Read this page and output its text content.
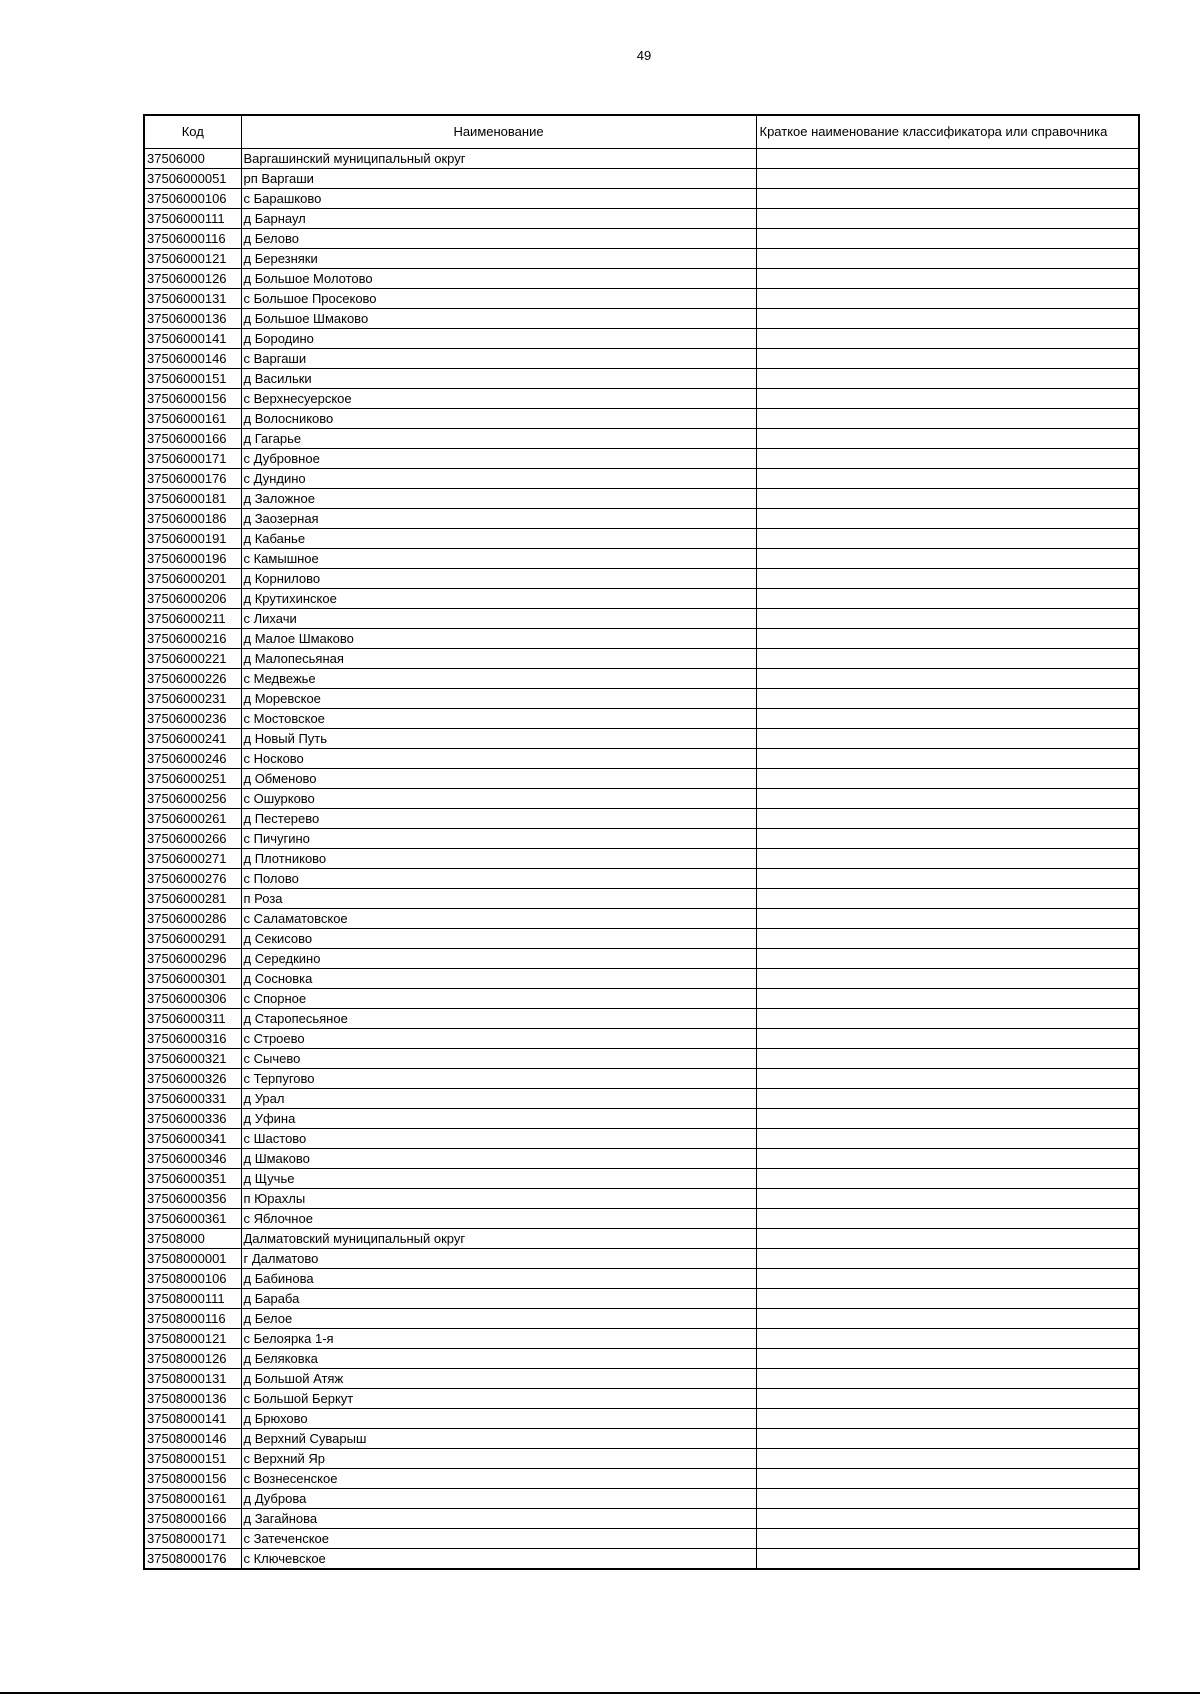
49
Код	Наименование	Краткое наименование классификатора или справочника
37506000	Варгашинский муниципальный округ	
37506000051	рп Варгаши	
37506000106	с Барашково	
37506000111	д Барнаул	
37506000116	д Белово	
37506000121	д Березняки	
37506000126	д Большое Молотово	
37506000131	с Большое Просеково	
37506000136	д Большое Шмаково	
37506000141	д Бородино	
37506000146	с Варгаши	
37506000151	д Васильки	
37506000156	с Верхнесуерское	
37506000161	д Волосниково	
37506000166	д Гагарье	
37506000171	с Дубровное	
37506000176	с Дундино	
37506000181	д Заложное	
37506000186	д Заозерная	
37506000191	д Кабанье	
37506000196	с Камышное	
37506000201	д Корнилово	
37506000206	д Крутихинское	
37506000211	с Лихачи	
37506000216	д Малое Шмаково	
37506000221	д Малопесьяная	
37506000226	с Медвежье	
37506000231	д Моревское	
37506000236	с Мостовское	
37506000241	д Новый Путь	
37506000246	с Носково	
37506000251	д Обменово	
37506000256	с Ошурково	
37506000261	д Пестерево	
37506000266	с Пичугино	
37506000271	д Плотниково	
37506000276	с Полово	
37506000281	п Роза	
37506000286	с Саламатовское	
37506000291	д Секисово	
37506000296	д Середкино	
37506000301	д Сосновка	
37506000306	с Спорное	
37506000311	д Старопесьяное	
37506000316	с Строево	
37506000321	с Сычево	
37506000326	с Терпугово	
37506000331	д Урал	
37506000336	д Уфина	
37506000341	с Шастово	
37506000346	д Шмаково	
37506000351	д Щучье	
37506000356	п Юрахлы	
37506000361	с Яблочное	
37508000	Далматовский муниципальный округ	
37508000001	г Далматово	
37508000106	д Бабинова	
37508000111	д Бараба	
37508000116	д Белое	
37508000121	с Белоярка 1-я	
37508000126	д Беляковка	
37508000131	д Большой Атяж	
37508000136	с Большой Беркут	
37508000141	д Брюхово	
37508000146	д Верхний Суварыш	
37508000151	с Верхний Яр	
37508000156	с Вознесенское	
37508000161	д Дуброва	
37508000166	д Загайнова	
37508000171	с Затеченское	
37508000176	с Ключевское	
